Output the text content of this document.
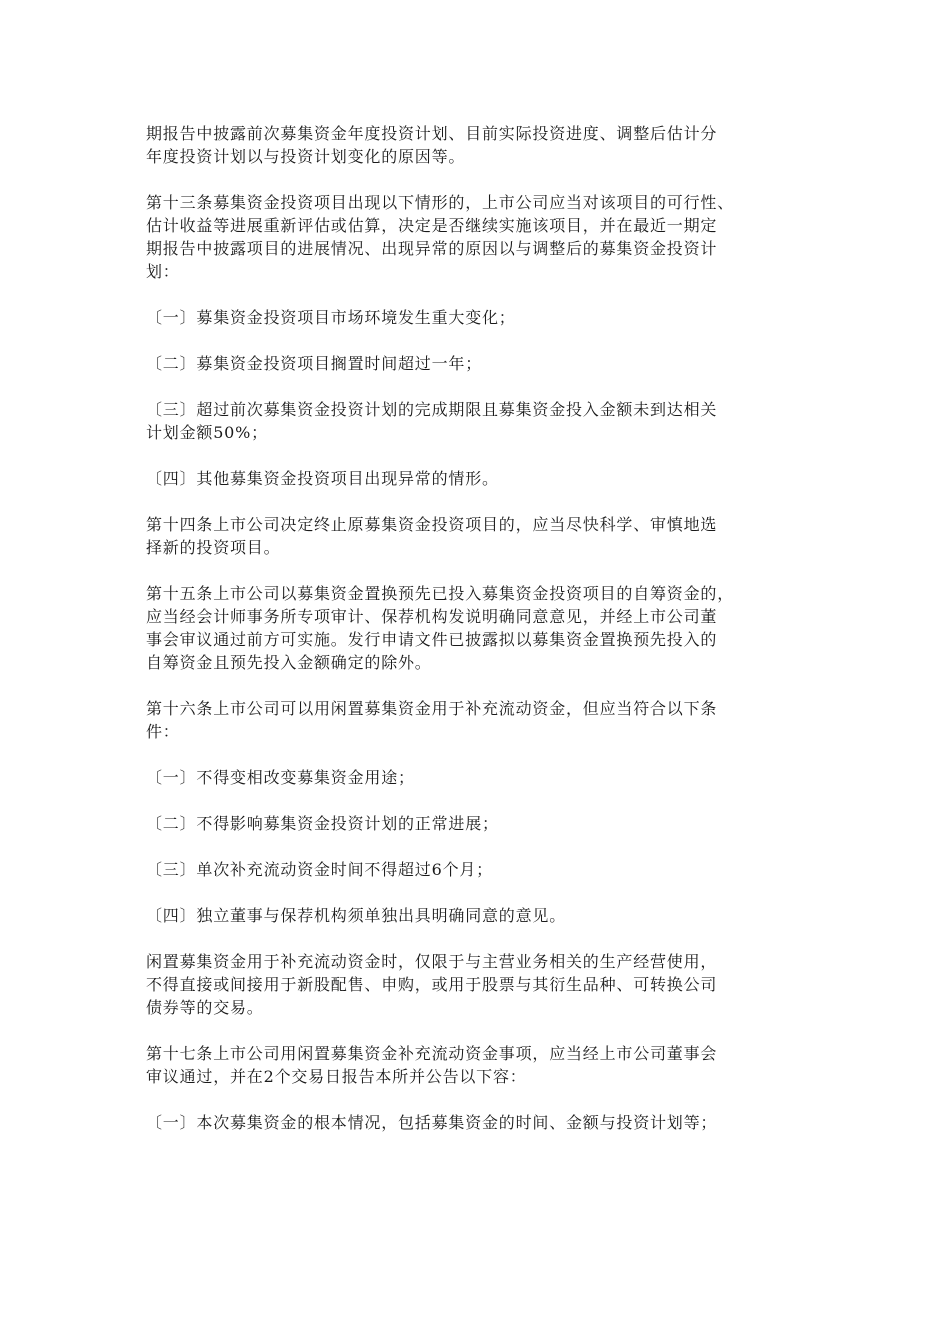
期报告中披露前次募集资金年度投资计划、目前实际投资进度、调整后估计分
年度投资计划以与投资计划变化的原因等。

第十三条募集资金投资项目出现以下情形的，上市公司应当对该项目的可行性、
估计收益等进展重新评估或估算，决定是否继续实施该项目，并在最近一期定
期报告中披露项目的进展情况、出现异常的原因以与调整后的募集资金投资计
划：

〔一〕募集资金投资项目市场环境发生重大变化；

〔二〕募集资金投资项目搁置时间超过一年；

〔三〕超过前次募集资金投资计划的完成期限且募集资金投入金额未到达相关
计划金额50%；

〔四〕其他募集资金投资项目出现异常的情形。

第十四条上市公司决定终止原募集资金投资项目的，应当尽快科学、审慎地选
择新的投资项目。

第十五条上市公司以募集资金置换预先已投入募集资金投资项目的自筹资金的，
应当经会计师事务所专项审计、保荐机构发说明确同意意见，并经上市公司董
事会审议通过前方可实施。发行申请文件已披露拟以募集资金置换预先投入的
自筹资金且预先投入金额确定的除外。

第十六条上市公司可以用闲置募集资金用于补充流动资金，但应当符合以下条
件：

〔一〕不得变相改变募集资金用途；

〔二〕不得影响募集资金投资计划的正常进展；

〔三〕单次补充流动资金时间不得超过6个月；

〔四〕独立董事与保荐机构须单独出具明确同意的意见。

闲置募集资金用于补充流动资金时，仅限于与主营业务相关的生产经营使用，
不得直接或间接用于新股配售、申购，或用于股票与其衍生品种、可转换公司
债券等的交易。

第十七条上市公司用闲置募集资金补充流动资金事项，应当经上市公司董事会
审议通过，并在2个交易日报告本所并公告以下容：

〔一〕本次募集资金的根本情况，包括募集资金的时间、金额与投资计划等；
